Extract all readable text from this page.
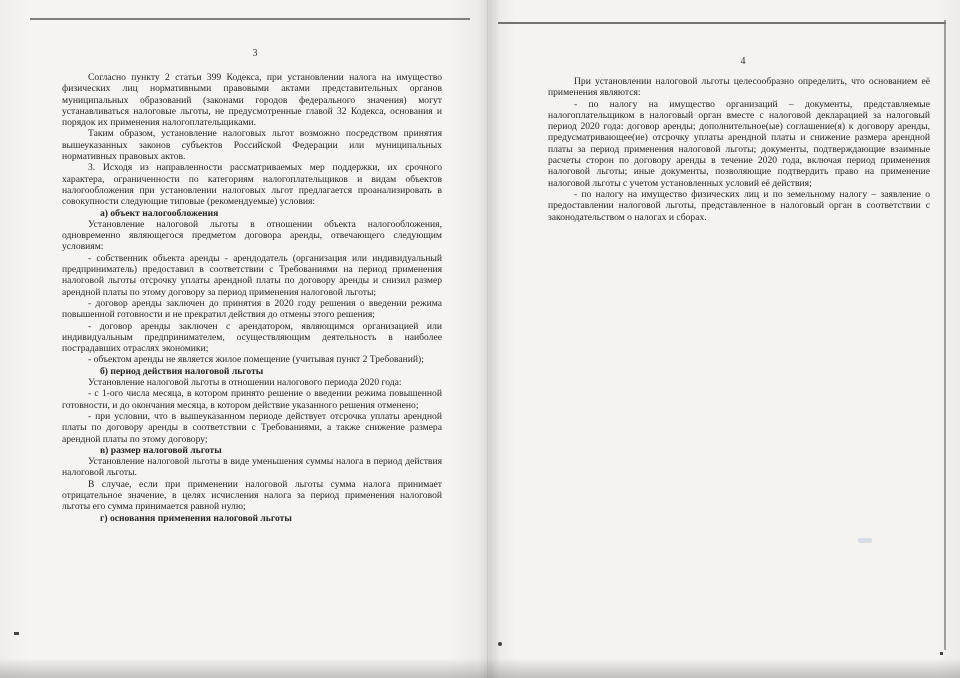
3

Согласно пункту 2 статьи 399 Кодекса, при установлении налога на имущество физических лиц нормативными правовыми актами представительных органов муниципальных образований (законами городов федерального значения) могут устанавливаться налоговые льготы, не предусмотренные главой 32 Кодекса, основания и порядок их применения налогоплательщиками.

Таким образом, установление налоговых льгот возможно посредством принятия вышеуказанных законов субъектов Российской Федерации или муниципальных нормативных правовых актов.

3. Исходя из направленности рассматриваемых мер поддержки, их срочного характера, ограниченности по категориям налогоплательщиков и видам объектов налогообложения при установлении налоговых льгот предлагается проанализировать в совокупности следующие типовые (рекомендуемые) условия:

а) объект налогообложения

Установление налоговой льготы в отношении объекта налогообложения, одновременно являющегося предметом договора аренды, отвечающего следующим условиям:

- собственник объекта аренды - арендодатель (организация или индивидуальный предприниматель) предоставил в соответствии с Требованиями на период применения налоговой льготы отсрочку уплаты арендной платы по договору аренды и снизил размер арендной платы по этому договору за период применения налоговой льготы;

- договор аренды заключен до принятия в 2020 году решения о введении режима повышенной готовности и не прекратил действия до отмены этого решения;

- договор аренды заключен с арендатором, являющимся организацией или индивидуальным предпринимателем, осуществляющим деятельность в наиболее пострадавших отраслях экономики;

- объектом аренды не является жилое помещение (учитывая пункт 2 Требований);

б) период действия налоговой льготы

Установление налоговой льготы в отношении налогового периода 2020 года:

- с 1-ого числа месяца, в котором принято решение о введении режима повышенной готовности, и до окончания месяца, в котором действие указанного решения отменено;

- при условии, что в вышеуказанном периоде действует отсрочка уплаты арендной платы по договору аренды в соответствии с Требованиями, а также снижение размера арендной платы по этому договору;

в) размер налоговой льготы

Установление налоговой льготы в виде уменьшения суммы налога в период действия налоговой льготы.

В случае, если при применении налоговой льготы сумма налога принимает отрицательное значение, в целях исчисления налога за период применения налоговой льготы его сумма принимается равной нулю;

г) основания применения налоговой льготы

4

При установлении налоговой льготы целесообразно определить, что основанием её применения являются:

- по налогу на имущество организаций – документы, представляемые налогоплательщиком в налоговый орган вместе с налоговой декларацией за налоговый период 2020 года: договор аренды; дополнительное(ые) соглашение(я) к договору аренды, предусматривающее(ие) отсрочку уплаты арендной платы и снижение размера арендной платы за период применения налоговой льготы; документы, подтверждающие взаимные расчеты сторон по договору аренды в течение 2020 года, включая период применения налоговой льготы; иные документы, позволяющие подтвердить право на применение налоговой льготы с учетом установленных условий её действия;

- по налогу на имущество физических лиц и по земельному налогу – заявление о предоставлении налоговой льготы, представленное в налоговый орган в соответствии с законодательством о налогах и сборах.
